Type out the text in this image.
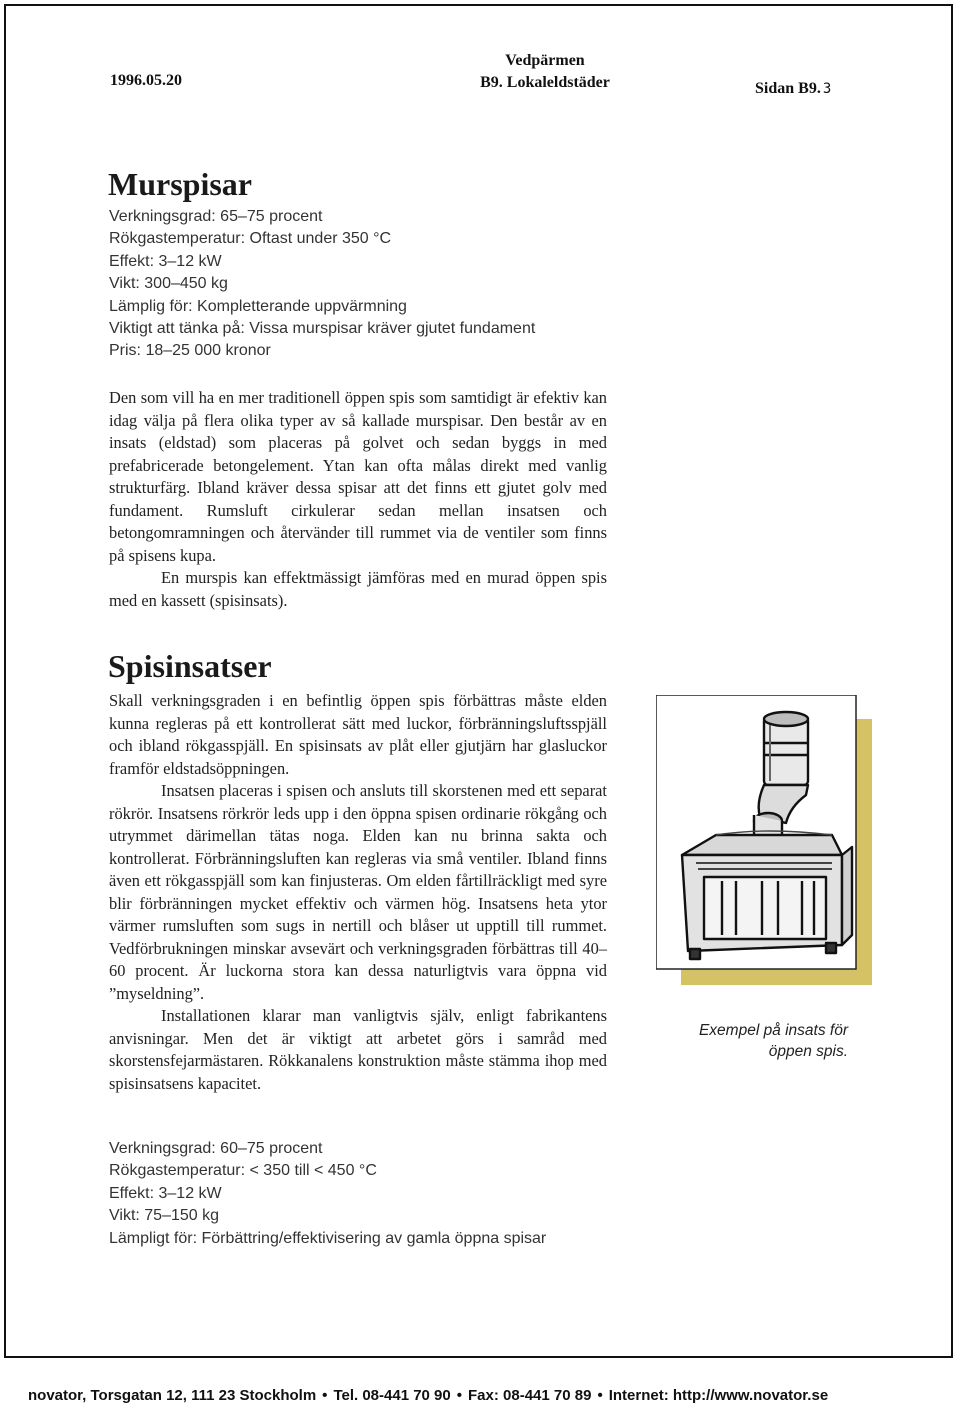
1996.05.20
Vedpärmen
B9. Lokaleldstäder	Sidan B9. 3
Murspisar
Verkningsgrad: 65–75 procent
Rökgastemperatur: Oftast under 350 °C
Effekt: 3–12 kW
Vikt: 300–450 kg
Lämplig för: Kompletterande uppvärmning
Viktigt att tänka på: Vissa murspisar kräver gjutet fundament
Pris: 18–25 000 kronor

Den som vill ha en mer traditionell öppen spis som samtidigt är efektiv kan idag välja på flera olika typer av så kallade murspisar. Den består av en insats (eldstad) som placeras på golvet och sedan byggs in med prefabricerade betongelement. Ytan kan ofta målas direkt med vanlig strukturfärg. Ibland kräver dessa spisar att det finns ett gjutet golv med fundament. Rumsluft cirkulerar sedan mellan insatsen och betongomramningen och återvänder till rummet via de ventiler som finns på spisens kupa.

En murspis kan effektmässigt jämföras med en murad öppen spis med en kassett (spisinsats).

Spisinsatser

Skall verkningsgraden i en befintlig öppen spis förbättras måste elden kunna regleras på ett kontrollerat sätt med luckor, förbränningsluftsspjäll och ibland rökgasspjäll. En spisinsats av plåt eller gjutjärn har glasluckor framför eldstadsöppningen.

Insatsen placeras i spisen och ansluts till skorstenen med ett separat rökrör. Insatsens rörkrör leds upp i den öppna spisen ordinarie rökgång och utrymmet därimellan tätas noga. Elden kan nu brinna sakta och kontrollerat. Förbränningsluften kan regleras via små ventiler. Ibland finns även ett rökgasspjäll som kan finjusteras. Om elden fårtillräckligt med syre blir förbränningen mycket effektiv och värmen hög. Insatsens heta ytor värmer rumsluften som sugs in nertill och blåser ut upptill till rummet. Vedförbrukningen minskar avsevärt och verkningsgraden förbättras till 40–60 procent. Är luckorna stora kan dessa naturligtvis vara öppna vid ”myseldning”.

Installationen klarar man vanligtvis själv, enligt fabrikantens anvisningar. Men det är viktigt att arbetet görs i samråd med skorstensfejarmästaren. Rökkanalens konstruktion måste stämma ihop med spisinsatsens kapacitet.

Verkningsgrad: 60–75 procent
Rökgastemperatur: < 350 till < 450 °C
Effekt: 3–12 kW
Vikt: 75–150 kg
Lämpligt för: Förbättring/effektivisering av gamla öppna spisar
Exempel på insats för
öppen spis.
novator, Torsgatan 12, 111 23 Stockholm • Tel. 08-441 70 90 • Fax: 08-441 70 89 • Internet: http://www.novator.se
